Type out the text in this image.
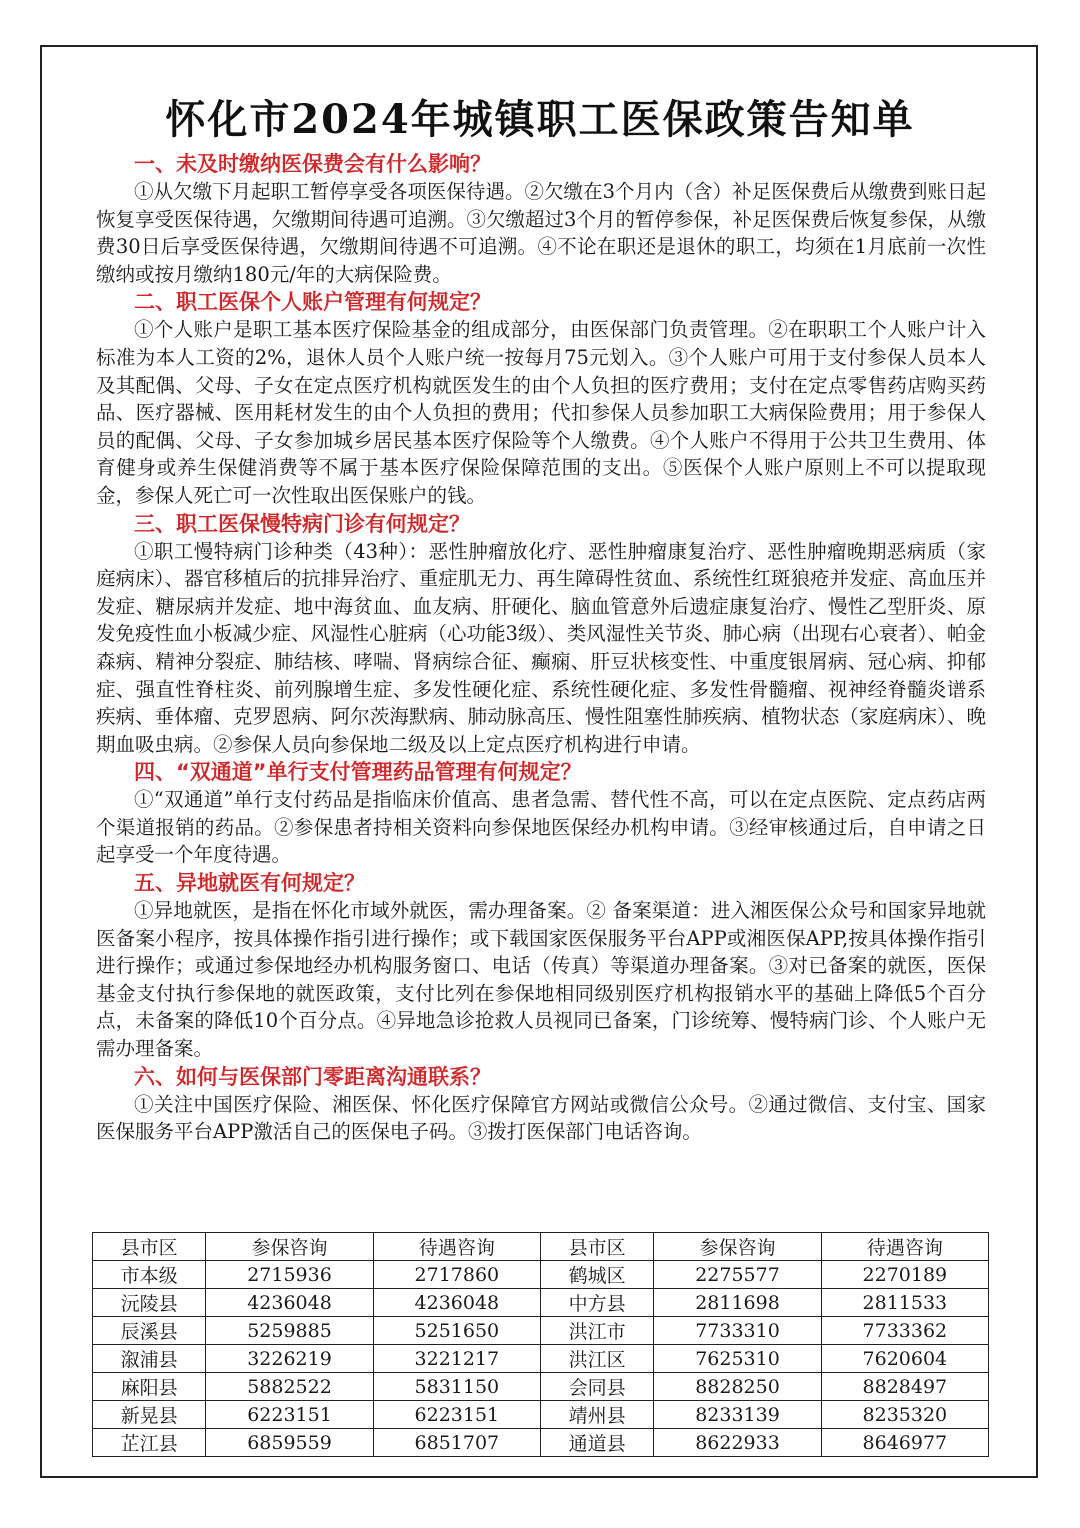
怀化市2024年城镇职工医保政策告知单
一、未及时缴纳医保费会有什么影响？
①从欠缴下月起职工暂停享受各项医保待遇。②欠缴在3个月内（含）补足医保费后从缴费到账日起恢复享受医保待遇，欠缴期间待遇可追溯。③欠缴超过3个月的暂停参保，补足医保费后恢复参保，从缴费30日后享受医保待遇，欠缴期间待遇不可追溯。④不论在职还是退休的职工，均须在1月底前一次性缴纳或按月缴纳180元/年的大病保险费。
二、职工医保个人账户管理有何规定？
①个人账户是职工基本医疗保险基金的组成部分，由医保部门负责管理。②在职职工个人账户计入标准为本人工资的2%，退休人员个人账户统一按每月75元划入。③个人账户可用于支付参保人员本人及其配偶、父母、子女在定点医疗机构就医发生的由个人负担的医疗费用；支付在定点零售药店购买药品、医疗器械、医用耗材发生的由个人负担的费用；代扣参保人员参加职工大病保险费用；用于参保人员的配偶、父母、子女参加城乡居民基本医疗保险等个人缴费。④个人账户不得用于公共卫生费用、体育健身或养生保健消费等不属于基本医疗保险保障范围的支出。⑤医保个人账户原则上不可以提取现金，参保人死亡可一次性取出医保账户的钱。
三、职工医保慢特病门诊有何规定？
①职工慢特病门诊种类（43种）：恶性肿瘤放化疗、恶性肿瘤康复治疗、恶性肿瘤晚期恶病质（家庭病床）、器官移植后的抗排异治疗、重症肌无力、再生障碍性贫血、系统性红斑狼疮并发症、高血压并发症、糖尿病并发症、地中海贫血、血友病、肝硬化、脑血管意外后遗症康复治疗、慢性乙型肝炎、原发免疫性血小板减少症、风湿性心脏病（心功能3级）、类风湿性关节炎、肺心病（出现右心衰者）、帕金森病、精神分裂症、肺结核、哮喘、肾病综合征、癫痫、肝豆状核变性、中重度银屑病、冠心病、抑郁症、强直性脊柱炎、前列腺增生症、多发性硬化症、系统性硬化症、多发性骨髓瘤、视神经脊髓炎谱系疾病、垂体瘤、克罗恩病、阿尔茨海默病、肺动脉高压、慢性阻塞性肺疾病、植物状态（家庭病床）、晚期血吸虫病。②参保人员向参保地二级及以上定点医疗机构进行申请。
四、“双通道”单行支付管理药品管理有何规定？
①“双通道”单行支付药品是指临床价值高、患者急需、替代性不高，可以在定点医院、定点药店两个渠道报销的药品。②参保患者持相关资料向参保地医保经办机构申请。③经审核通过后，自申请之日起享受一个年度待遇。
五、异地就医有何规定？
①异地就医，是指在怀化市域外就医，需办理备案。② 备案渠道：进入湘医保公众号和国家异地就医备案小程序，按具体操作指引进行操作；或下载国家医保服务平台APP或湘医保APP,按具体操作指引进行操作；或通过参保地经办机构服务窗口、电话（传真）等渠道办理备案。③对已备案的就医，医保基金支付执行参保地的就医政策，支付比列在参保地相同级别医疗机构报销水平的基础上降低5个百分点，未备案的降低10个百分点。④异地急诊抢救人员视同已备案，门诊统筹、慢特病门诊、个人账户无需办理备案。
六、如何与医保部门零距离沟通联系？
①关注中国医疗保险、湘医保、怀化医疗保障官方网站或微信公众号。②通过微信、支付宝、国家医保服务平台APP激活自己的医保电子码。③拨打医保部门电话咨询。
县市区	参保咨询	待遇咨询	县市区	参保咨询	待遇咨询
市本级	2715936	2717860	鹤城区	2275577	2270189
沅陵县	4236048	4236048	中方县	2811698	2811533
辰溪县	5259885	5251650	洪江市	7733310	7733362
溆浦县	3226219	3221217	洪江区	7625310	7620604
麻阳县	5882522	5831150	会同县	8828250	8828497
新晃县	6223151	6223151	靖州县	8233139	8235320
芷江县	6859559	6851707	通道县	8622933	8646977
